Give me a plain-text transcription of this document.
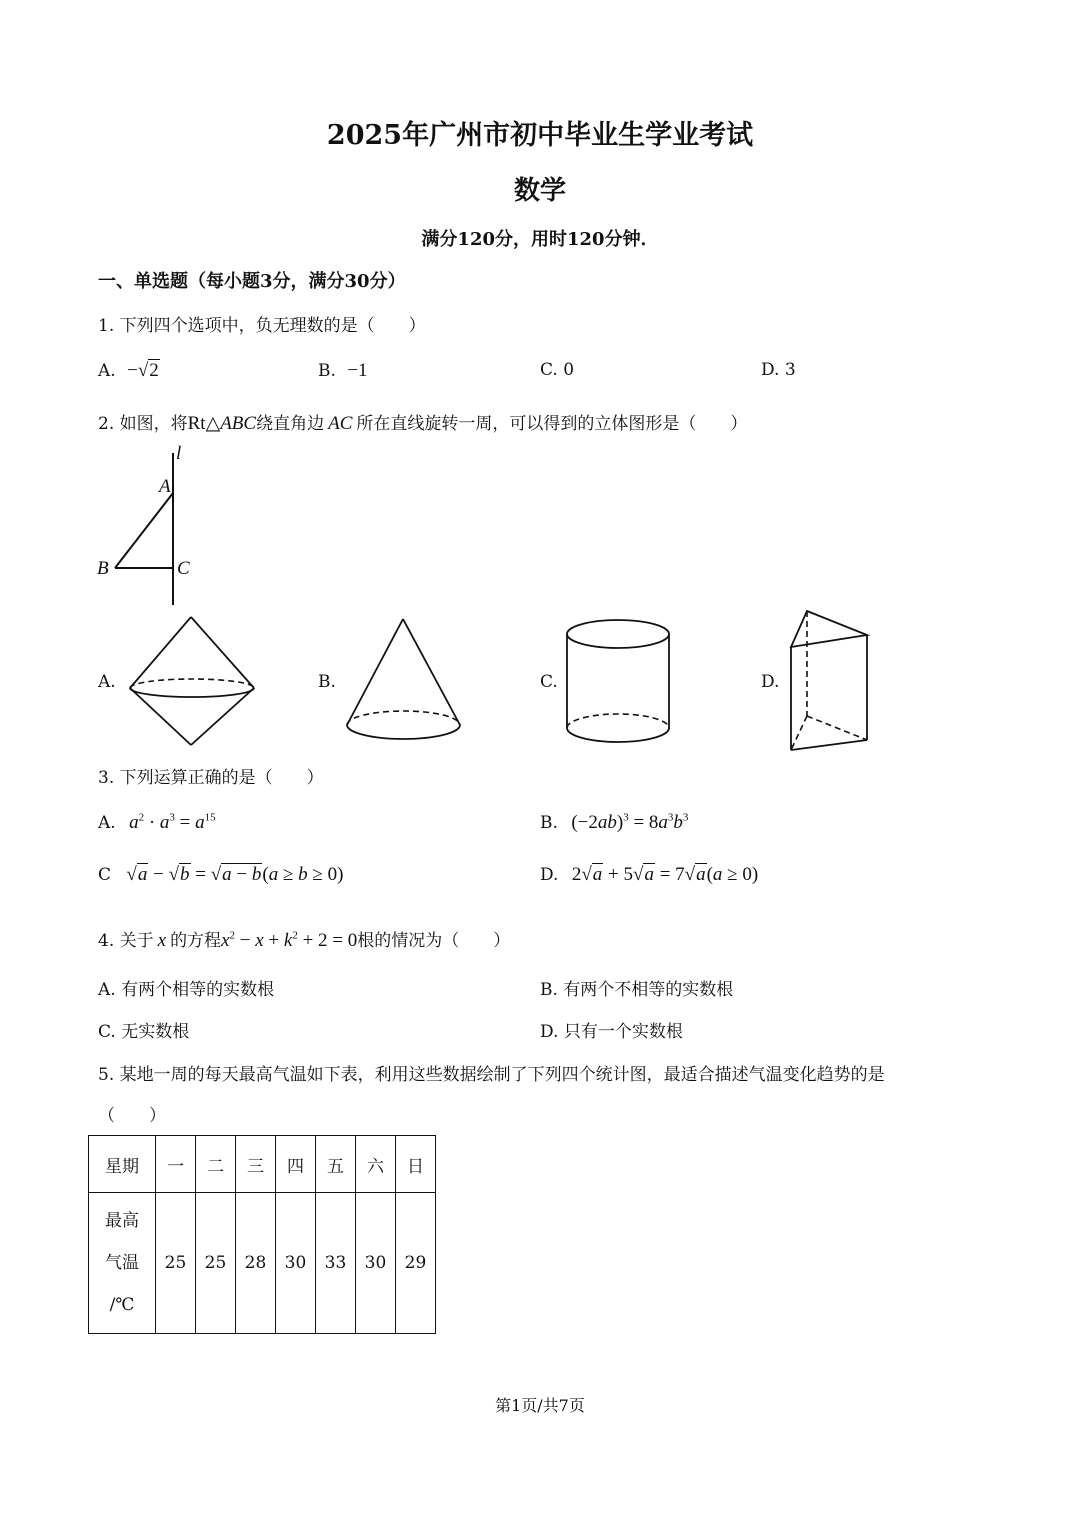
2025年广州市初中毕业生学业考试
数学
满分120分，用时120分钟．
一、单选题（每小题3分，满分30分）
1. 下列四个选项中，负无理数的是（　　）
A. −√2	B. −1	C. 0	D. 3
2. 如图，将Rt△ABC绕直角边 AC 所在直线旋转一周，可以得到的立体图形是（　　）
l
A
B	C
A.	B.	C.	D.
3. 下列运算正确的是（　　）
A. $a^2 \cdot a^3 = a^{15}$	B. $(-2ab)^3 = 8a^3b^3$
C √a − √b = √a − b(a ≥ b ≥ 0)	D. 2√a + 5√a = 7√a(a ≥ 0)
4. 关于 x 的方程$x^2 - x + k^2 + 2 = 0$根的情况为（　　）
A. 有两个相等的实数根	B. 有两个不相等的实数根
C. 无实数根	D. 只有一个实数根
5. 某地一周的每天最高气温如下表，利用这些数据绘制了下列四个统计图，最适合描述气温变化趋势的是
（　　）
星期	一	二	三	四	五	六	日

最高
气温
/℃	25	25	28	30	33	30	29
第1页/共7页
